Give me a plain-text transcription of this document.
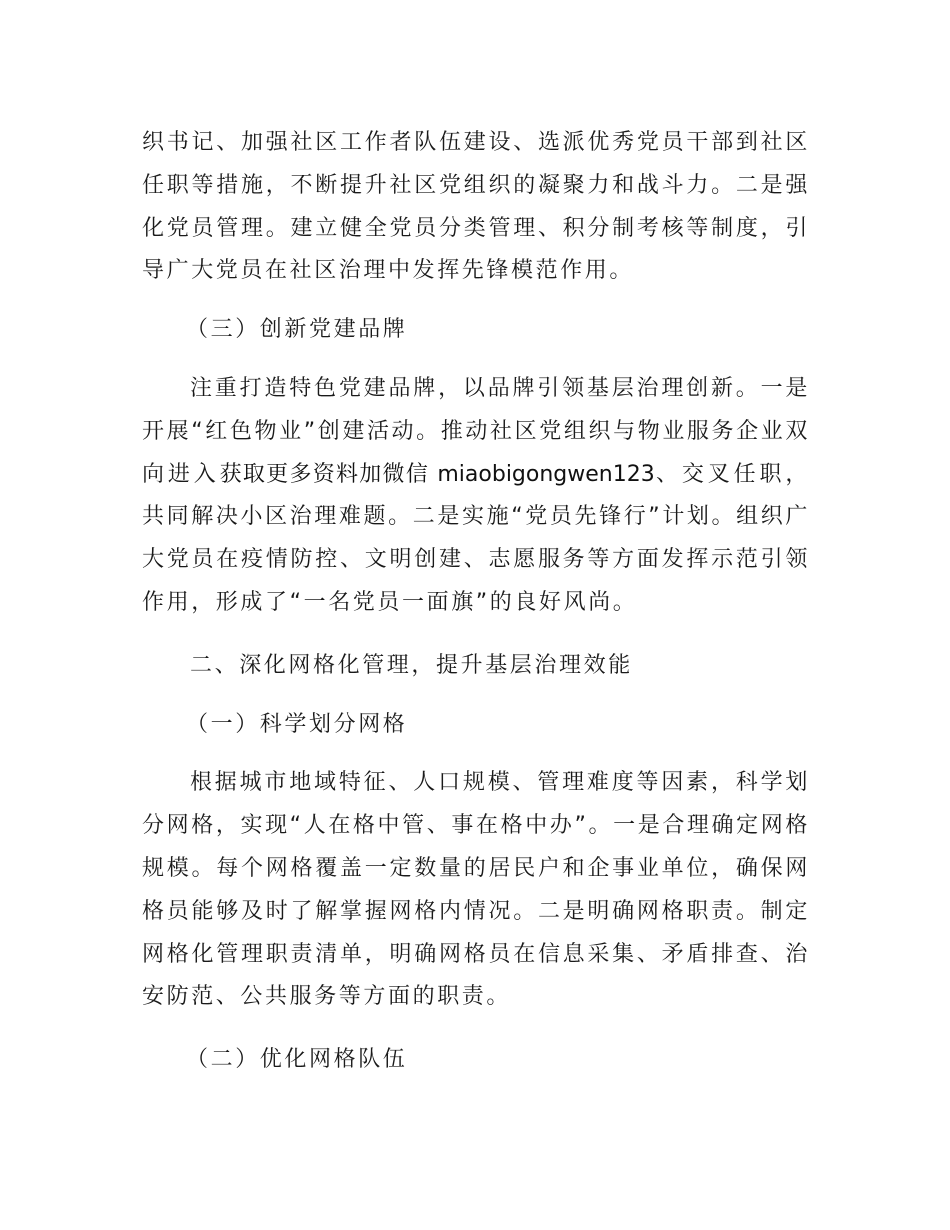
织书记、加强社区工作者队伍建设、选派优秀党员干部到社区任职等措施，不断提升社区党组织的凝聚力和战斗力。二是强化党员管理。建立健全党员分类管理、积分制考核等制度，引导广大党员在社区治理中发挥先锋模范作用。

（三）创新党建品牌

注重打造特色党建品牌，以品牌引领基层治理创新。一是开展“红色物业”创建活动。推动社区党组织与物业服务企业双向进入获取更多资料加微信 miaobigongwen123、交叉任职，共同解决小区治理难题。二是实施“党员先锋行”计划。组织广大党员在疫情防控、文明创建、志愿服务等方面发挥示范引领作用，形成了“一名党员一面旗”的良好风尚。

二、深化网格化管理，提升基层治理效能

（一）科学划分网格

根据城市地域特征、人口规模、管理难度等因素，科学划分网格，实现“人在格中管、事在格中办”。一是合理确定网格规模。每个网格覆盖一定数量的居民户和企事业单位，确保网格员能够及时了解掌握网格内情况。二是明确网格职责。制定网格化管理职责清单，明确网格员在信息采集、矛盾排查、治安防范、公共服务等方面的职责。

（二）优化网格队伍
